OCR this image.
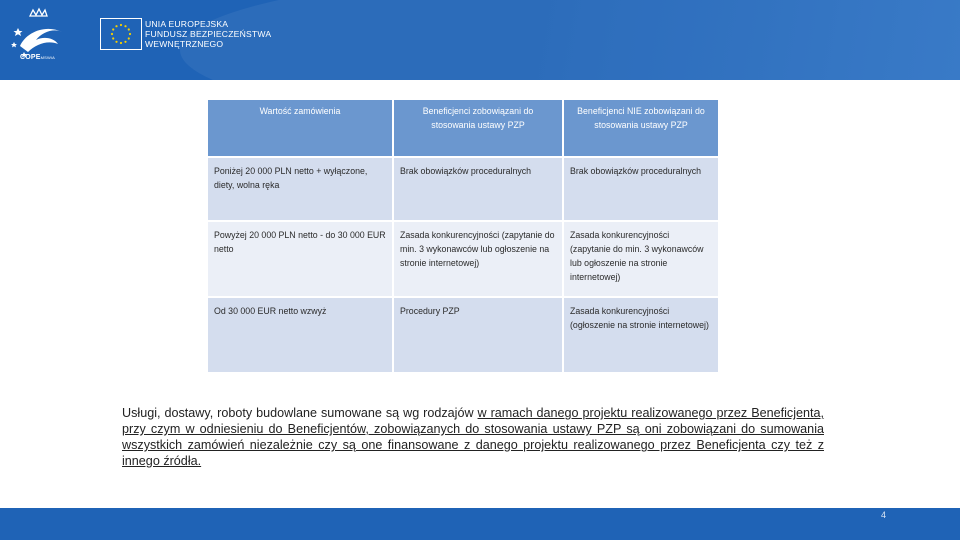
COPEMSWiA
UNIA EUROPEJSKA
FUNDUSZ BEZPIECZEŃSTWA
WEWNĘTRZNEGO
Wartość zamówienia	Beneficjenci zobowiązani do stosowania ustawy PZP	Beneficjenci NIE zobowiązani do stosowania ustawy PZP
Poniżej 20 000 PLN netto + wyłączone, diety, wolna ręka	Brak obowiązków proceduralnych	Brak obowiązków proceduralnych
Powyżej 20 000 PLN netto - do 30 000 EUR netto	Zasada konkurencyjności (zapytanie do min. 3 wykonawców lub ogłoszenie na stronie internetowej)	Zasada konkurencyjności (zapytanie do min. 3 wykonawców lub ogłoszenie na stronie internetowej)
Od 30 000 EUR netto wzwyż	Procedury PZP	Zasada konkurencyjności (ogłoszenie na stronie internetowej)
Usługi, dostawy, roboty budowlane sumowane są wg rodzajów w ramach danego projektu realizowanego przez Beneficjenta, przy czym w odniesieniu do Beneficjentów, zobowiązanych do stosowania ustawy PZP są oni zobowiązani do sumowania wszystkich zamówień niezależnie czy są one finansowane z danego projektu realizowanego przez Beneficjenta czy też z innego źródła.
4
